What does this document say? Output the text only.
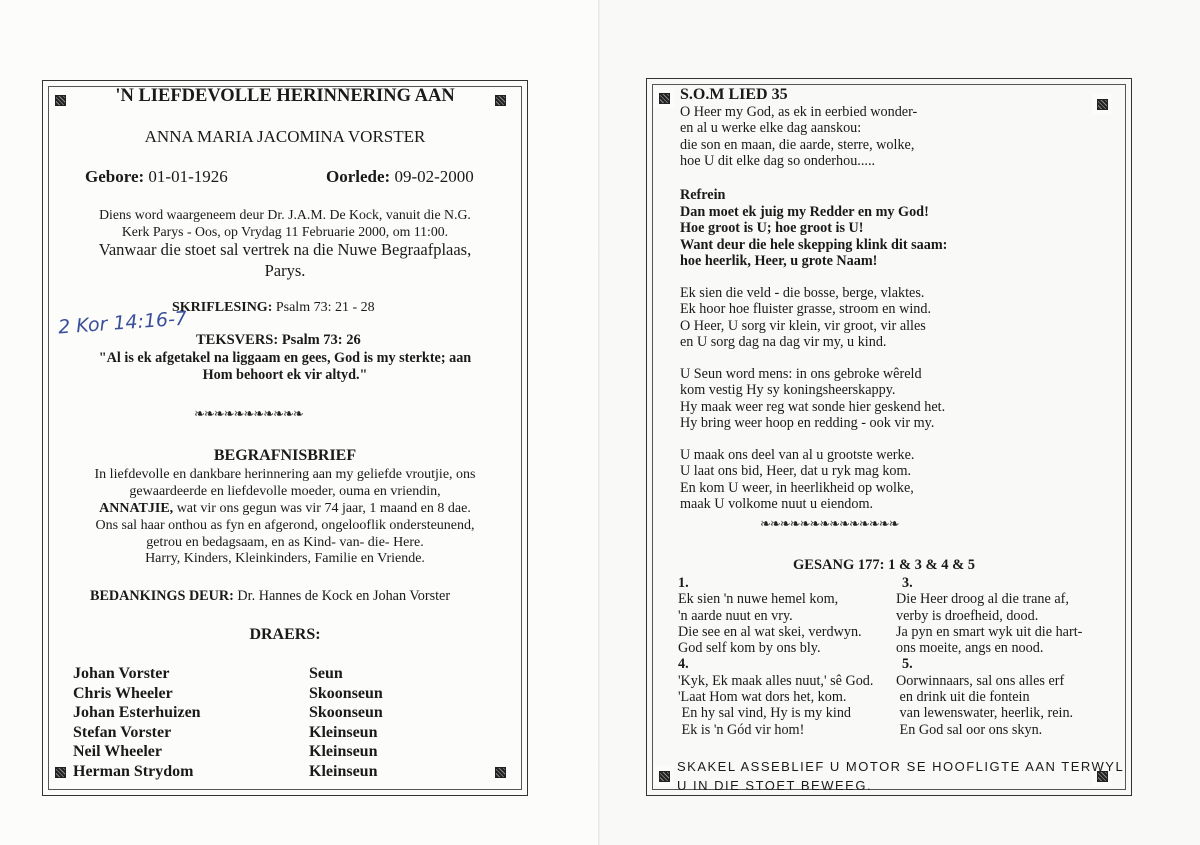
'N LIEFDEVOLLE HERINNERING AAN
ANNA MARIA JACOMINA VORSTER
Gebore: 01-01-1926	Oorlede: 09-02-2000
Diens word waargeneem deur Dr. J.A.M. De Kock, vanuit die N.G.
Kerk Parys - Oos, op Vrydag 11 Februarie 2000, om 11:00.
Vanwaar die stoet sal vertrek na die Nuwe Begraafplaas,
Parys.
SKRIFLESING: Psalm 73: 21 - 28
2 Kor 14:16-7
TEKSVERS: Psalm 73: 26
"Al is ek afgetakel na liggaam en gees, God is my sterkte; aan
Hom behoort ek vir altyd."
❧❧❧❧❧❧❧❧❧❧❧
BEGRAFNISBRIEF
In liefdevolle en dankbare herinnering aan my geliefde vroutjie, ons
gewaardeerde en liefdevolle moeder, ouma en vriendin,
ANNATJIE, wat vir ons gegun was vir 74 jaar, 1 maand en 8 dae.
Ons sal haar onthou as fyn en afgerond, ongelooflik ondersteunend,
getrou en bedagsaam, en as Kind- van- die- Here.
Harry, Kinders, Kleinkinders, Familie en Vriende.
BEDANKINGS DEUR: Dr. Hannes de Kock en Johan Vorster
DRAERS:
Johan Vorster
Chris Wheeler
Johan Esterhuizen
Stefan Vorster
Neil Wheeler
Herman Strydom
Seun
Skoonseun
Skoonseun
Kleinseun
Kleinseun
Kleinseun
S.O.M LIED 35
O Heer my God, as ek in eerbied wonder-
en al u werke elke dag aanskou:
die son en maan, die aarde, sterre, wolke,
hoe U dit elke dag so onderhou.....
Refrein
Dan moet ek juig my Redder en my God!
Hoe groot is U; hoe groot is U!
Want deur die hele skepping klink dit saam:
hoe heerlik, Heer, u grote Naam!
Ek sien die veld - die bosse, berge, vlaktes.
Ek hoor hoe fluister grasse, stroom en wind.
O Heer, U sorg vir klein, vir groot, vir alles
en U sorg dag na dag vir my, u kind.
U Seun word mens: in ons gebroke wêreld
kom vestig Hy sy koningsheerskappy.
Hy maak weer reg wat sonde hier geskend het.
Hy bring weer hoop en redding - ook vir my.
U maak ons deel van al u grootste werke.
U laat ons bid, Heer, dat u ryk mag kom.
En kom U weer, in heerlikheid op wolke,
maak U volkome nuut u eiendom.
❧❧❧❧❧❧❧❧❧❧❧❧❧❧
GESANG 177: 1 & 3 & 4 & 5
1.
Ek sien 'n nuwe hemel kom,
'n aarde nuut en vry.
Die see en al wat skei, verdwyn.
God self kom by ons bly.
4.
'Kyk, Ek maak alles nuut,' sê God.
'Laat Hom wat dors het, kom.
En hy sal vind, Hy is my kind
Ek is 'n Gód vir hom!
3.
Die Heer droog al die trane af,
verby is droefheid, dood.
Ja pyn en smart wyk uit die hart-
ons moeite, angs en nood.
5.
Oorwinnaars, sal ons alles erf
en drink uit die fontein
van lewenswater, heerlik, rein.
En God sal oor ons skyn.
SKAKEL ASSEBLIEF U MOTOR SE HOOFLIGTE AAN TERWYL
U IN DIE STOET BEWEEG.
